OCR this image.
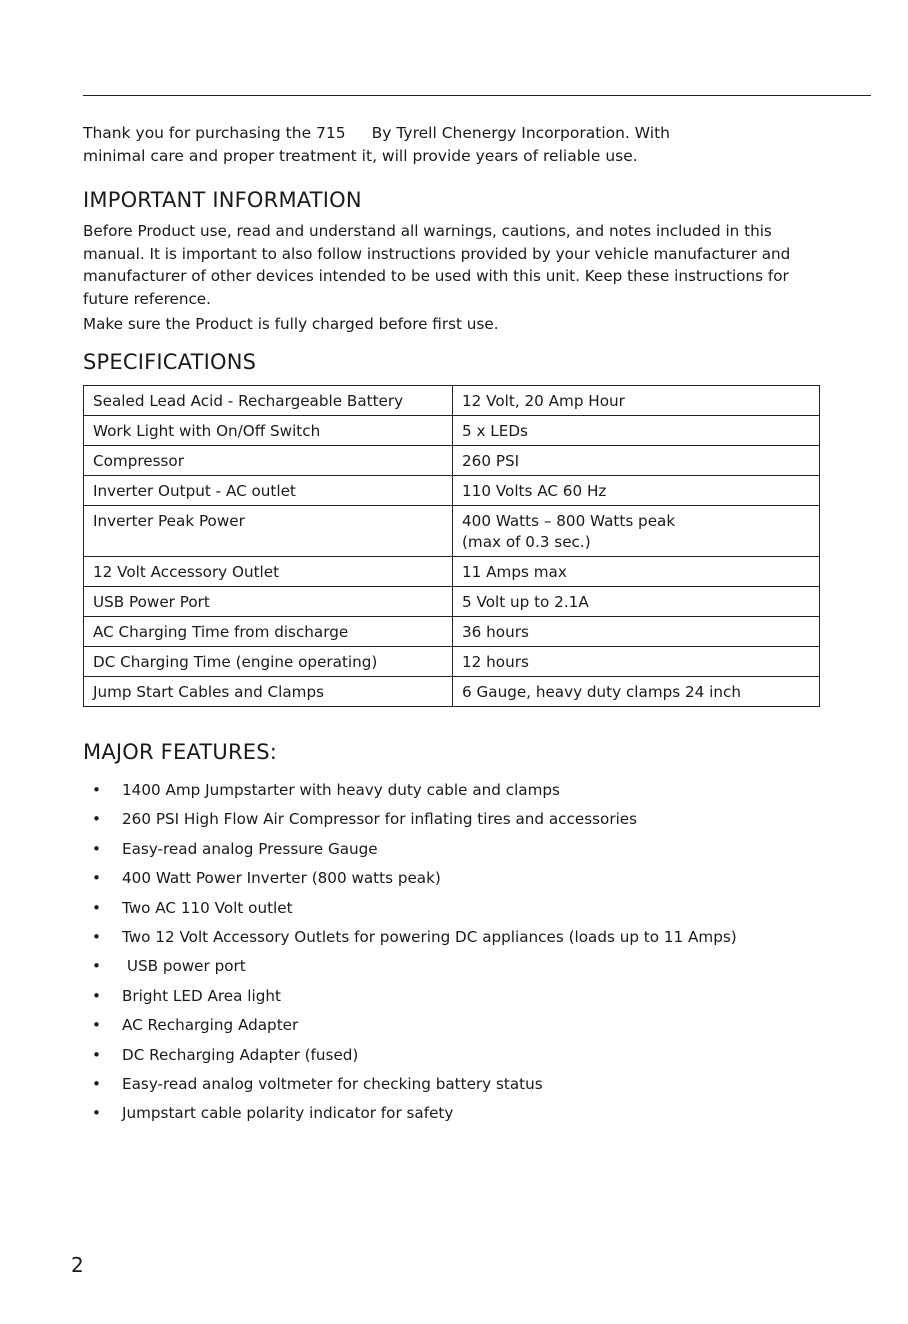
Thank you for purchasing the 715 By Tyrell Chenergy Incorporation. With
minimal care and proper treatment it, will provide years of reliable use.
IMPORTANT INFORMATION

Before Product use, read and understand all warnings, cautions, and notes included in this manual. It is important to also follow instructions provided by your vehicle manufacturer and manufacturer of other devices intended to be used with this unit. Keep these instructions for future reference.

Make sure the Product is fully charged before first use.

SPECIFICATIONS
Sealed Lead Acid - Rechargeable Battery	12 Volt, 20 Amp Hour
Work Light with On/Off Switch	5 x LEDs
Compressor	260 PSI
Inverter Output - AC outlet	110 Volts AC 60 Hz
Inverter Peak Power	400 Watts – 800 Watts peak
(max of 0.3 sec.)
12 Volt Accessory Outlet	11 Amps max
USB Power Port	5 Volt up to 2.1A
AC Charging Time from discharge	36 hours
DC Charging Time (engine operating)	12 hours
Jump Start Cables and Clamps	6 Gauge, heavy duty clamps 24 inch
MAJOR FEATURES:
• 1400 Amp Jumpstarter with heavy duty cable and clamps
• 260 PSI High Flow Air Compressor for inflating tires and accessories
• Easy-read analog Pressure Gauge
• 400 Watt Power Inverter (800 watts peak)
• Two AC 110 Volt outlet
• Two 12 Volt Accessory Outlets for powering DC appliances (loads up to 11 Amps)
• USB power port
• Bright LED Area light
• AC Recharging Adapter
• DC Recharging Adapter (fused)
• Easy-read analog voltmeter for checking battery status
• Jumpstart cable polarity indicator for safety
2
